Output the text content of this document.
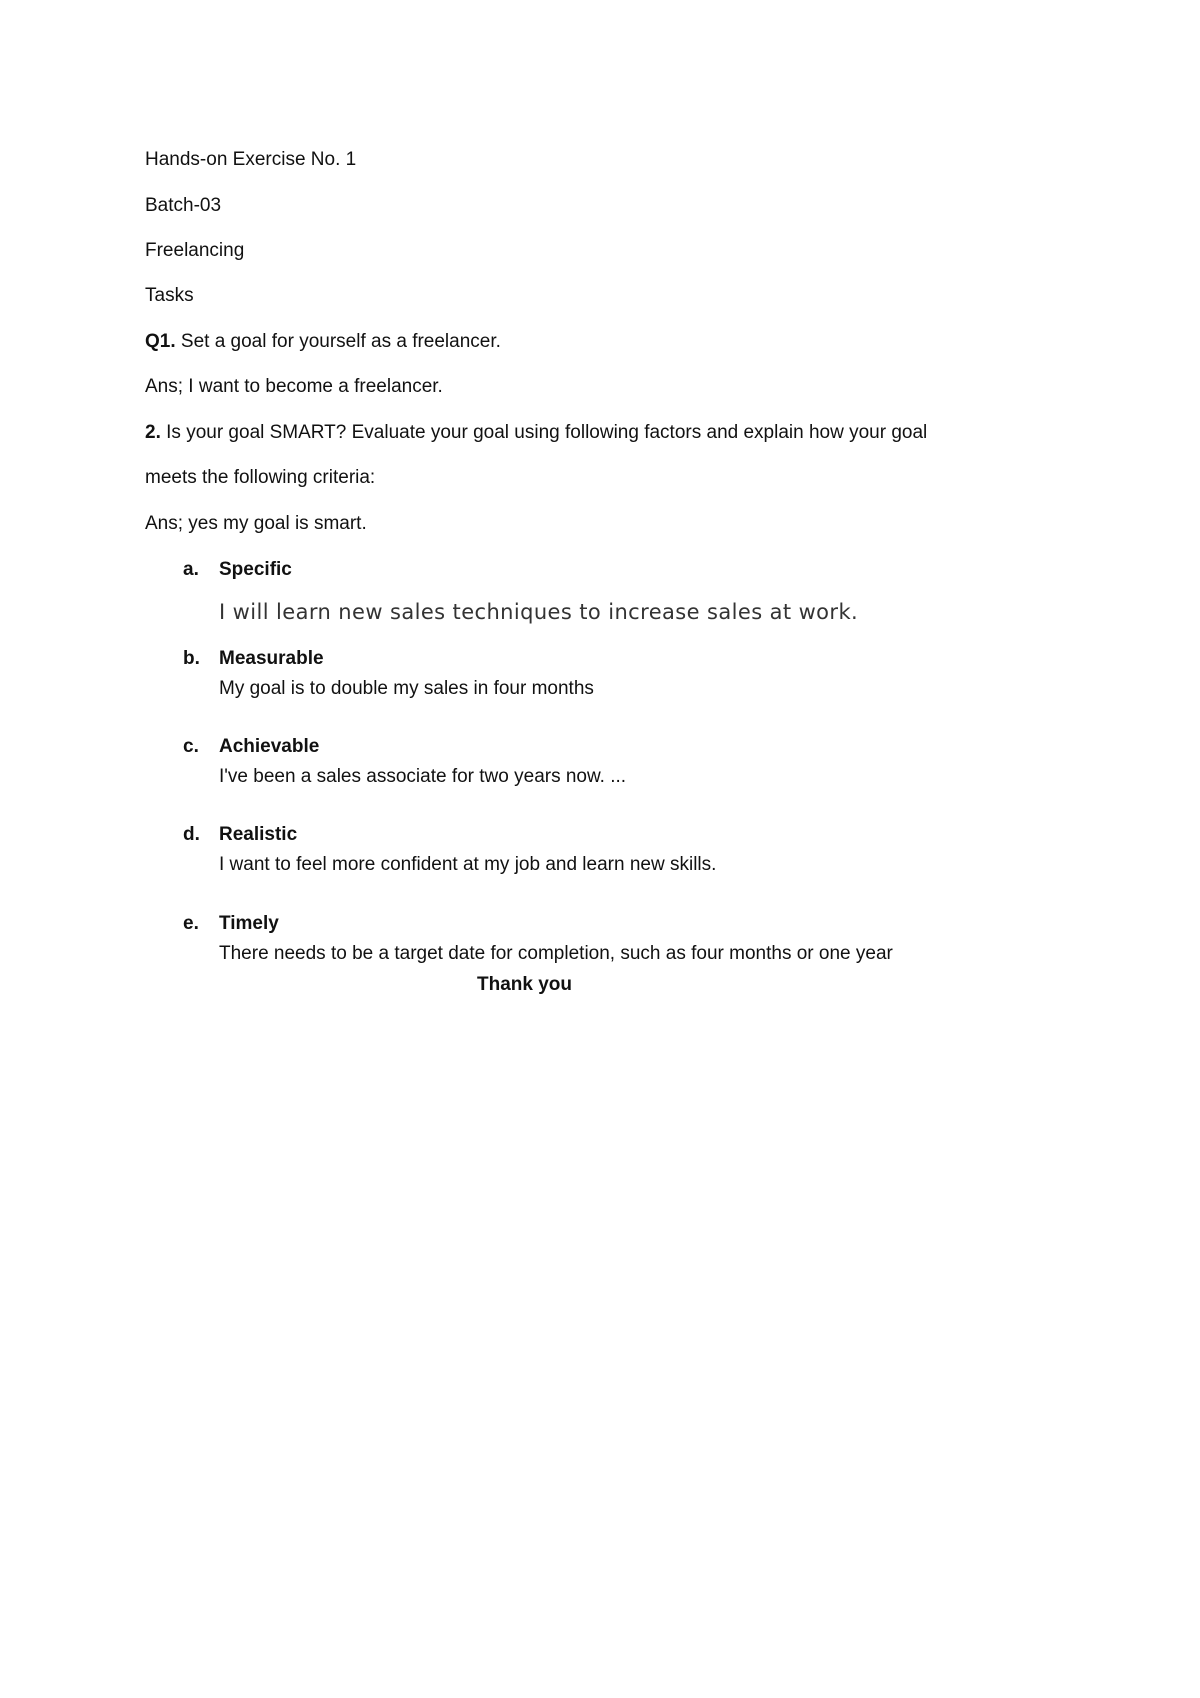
Hands-on Exercise No. 1
Batch-03
Freelancing
Tasks
Q1. Set a goal for yourself as a freelancer.
Ans; I want to become a freelancer.
2. Is your goal SMART? Evaluate your goal using following factors and explain how your goal
meets the following criteria:
Ans; yes my goal is smart.
a.	Specific
I will learn new sales techniques to increase sales at work.
b.	Measurable
My goal is to double my sales in four months
c.	Achievable
I've been a sales associate for two years now. ...
d.	Realistic
I want to feel more confident at my job and learn new skills.
e.	Timely
There needs to be a target date for completion, such as four months or one year
Thank you
